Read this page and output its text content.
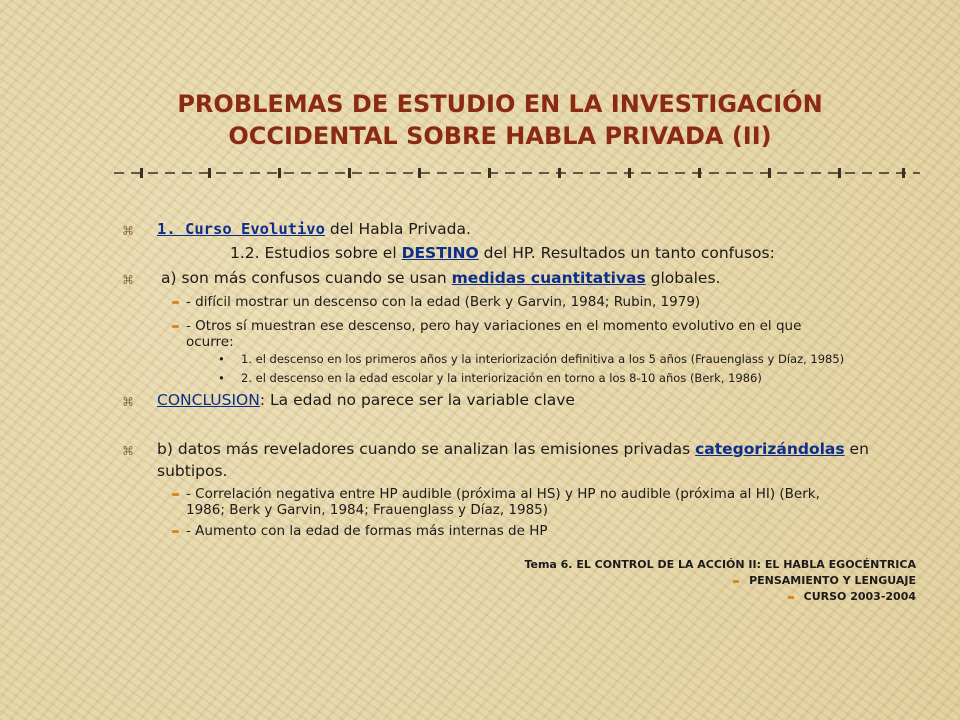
PROBLEMAS DE ESTUDIO EN LA INVESTIGACIÓN
OCCIDENTAL SOBRE HABLA PRIVADA (II)
⌘ 1. Curso Evolutivo del Habla Privada.
1.2. Estudios sobre el DESTINO del HP. Resultados un tanto confusos:
⌘ a) son más confusos cuando se usan medidas cuantitativas globales.
- difícil mostrar un descenso con la edad (Berk y Garvin, 1984; Rubin, 1979)
- Otros sí muestran ese descenso, pero hay variaciones en el momento evolutivo en el que
ocurre:
• 1. el descenso en los primeros años y la interiorización definitiva a los 5 años (Frauenglass y Díaz, 1985)
• 2. el descenso en la edad escolar y la interiorización en torno a los 8-10 años (Berk, 1986)
⌘ CONCLUSION: La edad no parece ser la variable clave
⌘ b) datos más reveladores cuando se analizan las emisiones privadas categorizándolas en
subtipos.
- Correlación negativa entre HP audible (próxima al HS) y HP no audible (próxima al HI) (Berk,
1986; Berk y Garvin, 1984; Frauenglass y Díaz, 1985)
- Aumento con la edad de formas más internas de HP
Tema 6. EL CONTROL DE LA ACCIÓN II: EL HABLA EGOCÉNTRICA
PENSAMIENTO Y LENGUAJE
CURSO 2003-2004
